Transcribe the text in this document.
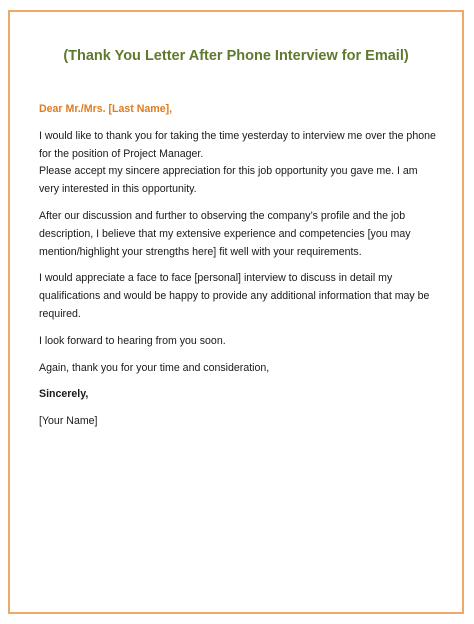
(Thank You Letter After Phone Interview for Email)

Dear Mr./Mrs. [Last Name],

I would like to thank you for taking the time yesterday to interview me over the phone for the position of Project Manager.

Please accept my sincere appreciation for this job opportunity you gave me. I am very interested in this opportunity.

After our discussion and further to observing the company’s profile and the job description, I believe that my extensive experience and competencies [you may mention/highlight your strengths here] fit well with your requirements.

I would appreciate a face to face [personal] interview to discuss in detail my qualifications and would be happy to provide any additional information that may be required.

I look forward to hearing from you soon.

Again, thank you for your time and consideration,

Sincerely,

[Your Name]
